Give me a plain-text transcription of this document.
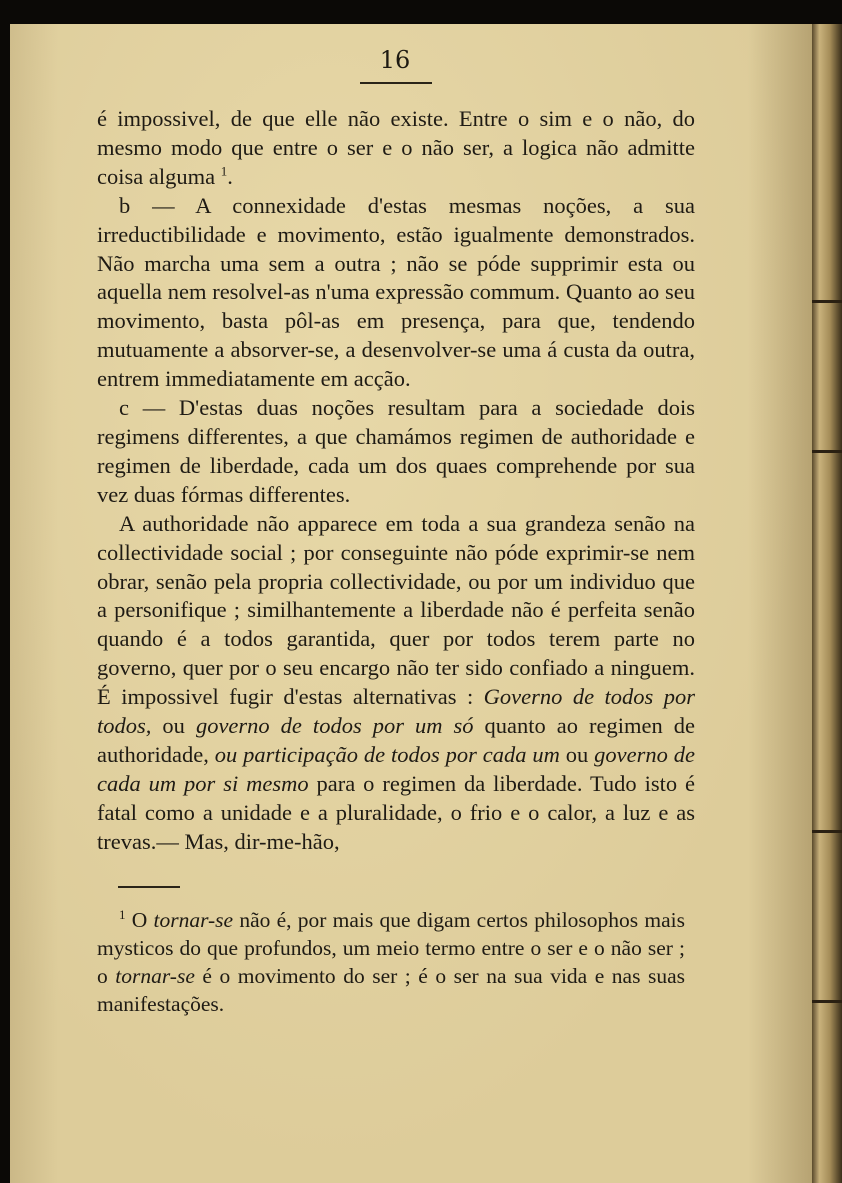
16

é impossivel, de que elle não existe. Entre o sim e o não, do mesmo modo que entre o ser e o não ser, a logica não admitte coisa alguma $^1$.

b — A connexidade d'estas mesmas noções, a sua irreductibilidade e movimento, estão igualmente demonstrados. Não marcha uma sem a outra ; não se póde supprimir esta ou aquella nem resolvel-as n'uma expressão commum. Quanto ao seu movimento, basta pôl-as em presença, para que, tendendo mutuamente a absorver-se, a desenvolver-se uma á custa da outra, entrem immediatamente em acção.

c — D'estas duas noções resultam para a sociedade dois regimens differentes, a que chamámos regimen de authoridade e regimen de liberdade, cada um dos quaes comprehende por sua vez duas fórmas differentes.

A authoridade não apparece em toda a sua grandeza senão na collectividade social ; por conseguinte não póde exprimir-se nem obrar, senão pela propria collectividade, ou por um individuo que a personifique ; similhantemente a liberdade não é perfeita senão quando é a todos garantida, quer por todos terem parte no governo, quer por o seu encargo não ter sido confiado a ninguem. É impossivel fugir d'estas alternativas : Governo de todos por todos, ou governo de todos por um só quanto ao regimen de authoridade, ou participação de todos por cada um ou governo de cada um por si mesmo para o regimen da liberdade. Tudo isto é fatal como a unidade e a pluralidade, o frio e o calor, a luz e as trevas.— Mas, dir-me-hão,

$^1$ O tornar-se não é, por mais que digam certos philosophos mais mysticos do que profundos, um meio termo entre o ser e o não ser ; o tornar-se é o movimento do ser ; é o ser na sua vida e nas suas manifestações.
